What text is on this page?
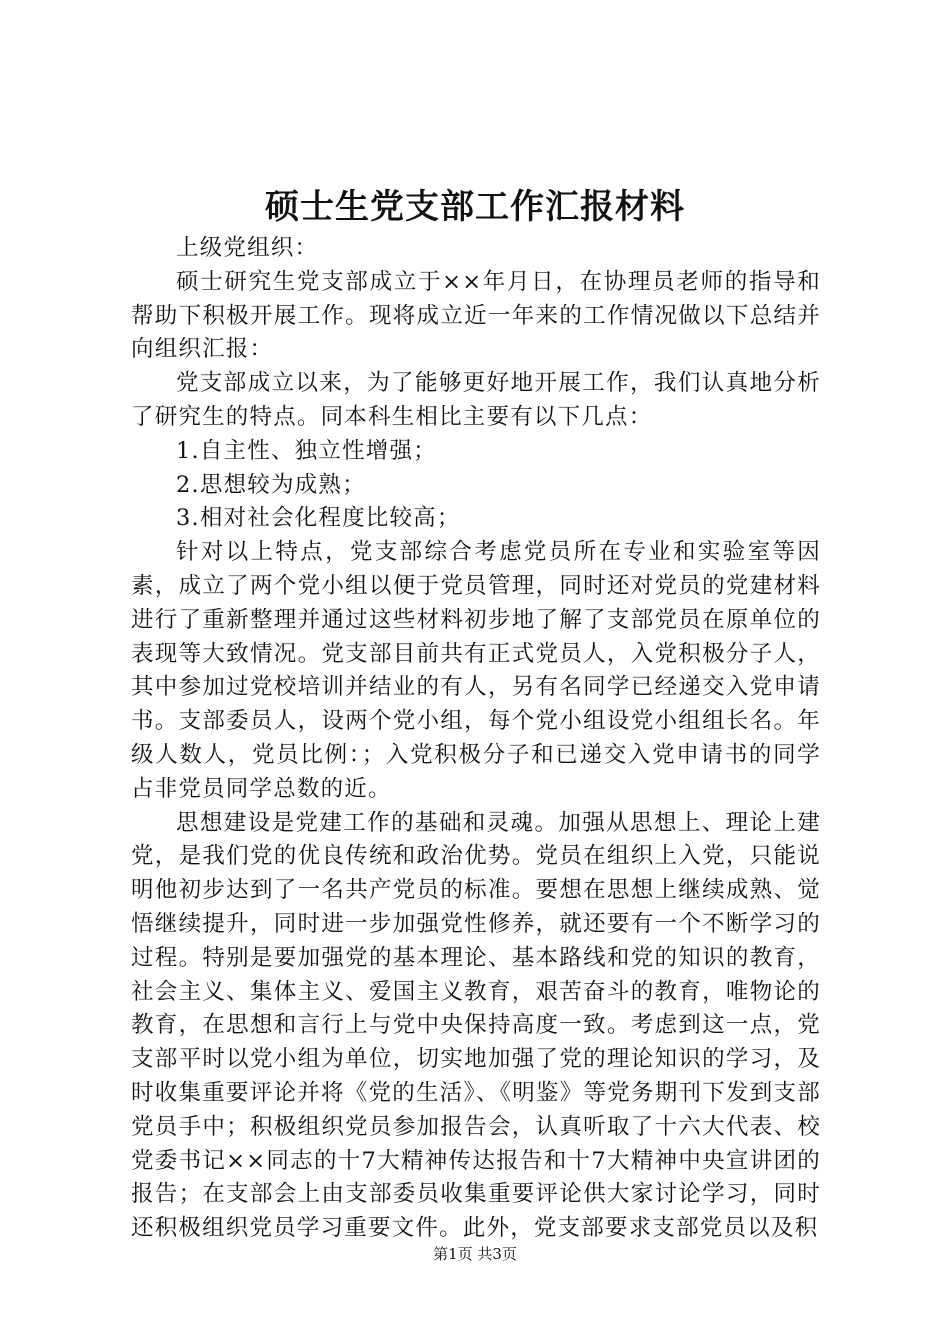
硕士生党支部工作汇报材料

上级党组织：

硕士研究生党支部成立于××年月日，在协理员老师的指导和帮助下积极开展工作。现将成立近一年来的工作情况做以下总结并向组织汇报：

党支部成立以来，为了能够更好地开展工作，我们认真地分析了研究生的特点。同本科生相比主要有以下几点：

1.自主性、独立性增强；

2.思想较为成熟；

3.相对社会化程度比较高；

针对以上特点，党支部综合考虑党员所在专业和实验室等因素，成立了两个党小组以便于党员管理，同时还对党员的党建材料进行了重新整理并通过这些材料初步地了解了支部党员在原单位的表现等大致情况。党支部目前共有正式党员人，入党积极分子人，其中参加过党校培训并结业的有人，另有名同学已经递交入党申请书。支部委员人，设两个党小组，每个党小组设党小组组长名。年级人数人，党员比例：；入党积极分子和已递交入党申请书的同学占非党员同学总数的近。

思想建设是党建工作的基础和灵魂。加强从思想上、理论上建党，是我们党的优良传统和政治优势。党员在组织上入党，只能说明他初步达到了一名共产党员的标准。要想在思想上继续成熟、觉悟继续提升，同时进一步加强党性修养，就还要有一个不断学习的过程。特别是要加强党的基本理论、基本路线和党的知识的教育，社会主义、集体主义、爱国主义教育，艰苦奋斗的教育，唯物论的教育，在思想和言行上与党中央保持高度一致。考虑到这一点，党支部平时以党小组为单位，切实地加强了党的理论知识的学习，及时收集重要评论并将《党的生活》、《明鉴》等党务期刊下发到支部党员手中；积极组织党员参加报告会，认真听取了十六大代表、校党委书记××同志的十7大精神传达报告和十7大精神中央宣讲团的报告；在支部会上由支部委员收集重要评论供大家讨论学习，同时还积极组织党员学习重要文件。此外，党支部要求支部党员以及积

第1页 共3页
